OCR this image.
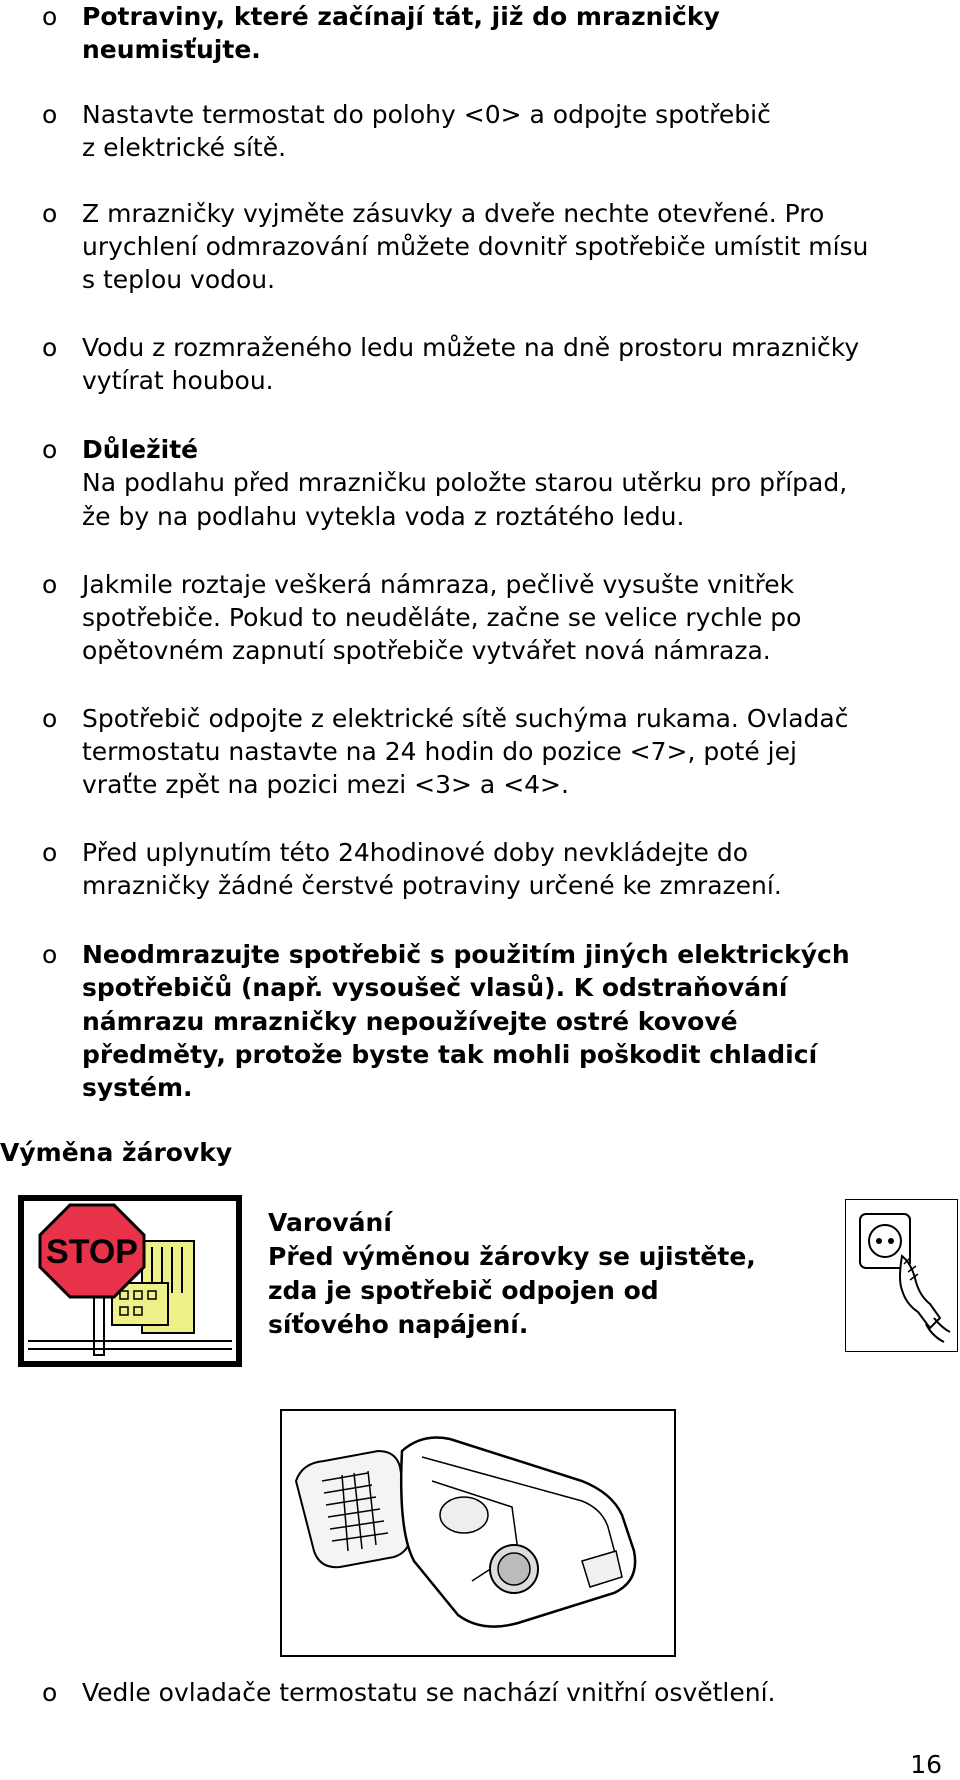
o Potraviny, které začínají tát, již do mrazničky
neumisťujte.
o Nastavte termostat do polohy <0> a odpojte spotřebič
z elektrické sítě.
o Z mrazničky vyjměte zásuvky a dveře nechte otevřené. Pro
urychlení odmrazování můžete dovnitř spotřebiče umístit mísu
s teplou vodou.
o Vodu z rozmraženého ledu můžete na dně prostoru mrazničky
vytírat houbou.
o Důležité
Na podlahu před mrazničku položte starou utěrku pro případ,
že by na podlahu vytekla voda z roztátého ledu.
o Jakmile roztaje veškerá námraza, pečlivě vysušte vnitřek
spotřebiče. Pokud to neuděláte, začne se velice rychle po
opětovném zapnutí spotřebiče vytvářet nová námraza.
o Spotřebič odpojte z elektrické sítě suchýma rukama. Ovladač
termostatu nastavte na 24 hodin do pozice <7>, poté jej
vraťte zpět na pozici mezi <3> a <4>.
o Před uplynutím této 24hodinové doby nevkládejte do
mrazničky žádné čerstvé potraviny určené ke zmrazení.
o Neodmrazujte spotřebič s použitím jiných elektrických
spotřebičů (např. vysoušeč vlasů). K odstraňování
námrazu mrazničky nepoužívejte ostré kovové
předměty, protože byste tak mohli poškodit chladicí
systém.
Výměna žárovky
STOP
Varování
Před výměnou žárovky se ujistěte,
zda je spotřebič odpojen od
síťového napájení.
o Vedle ovladače termostatu se nachází vnitřní osvětlení.
16
